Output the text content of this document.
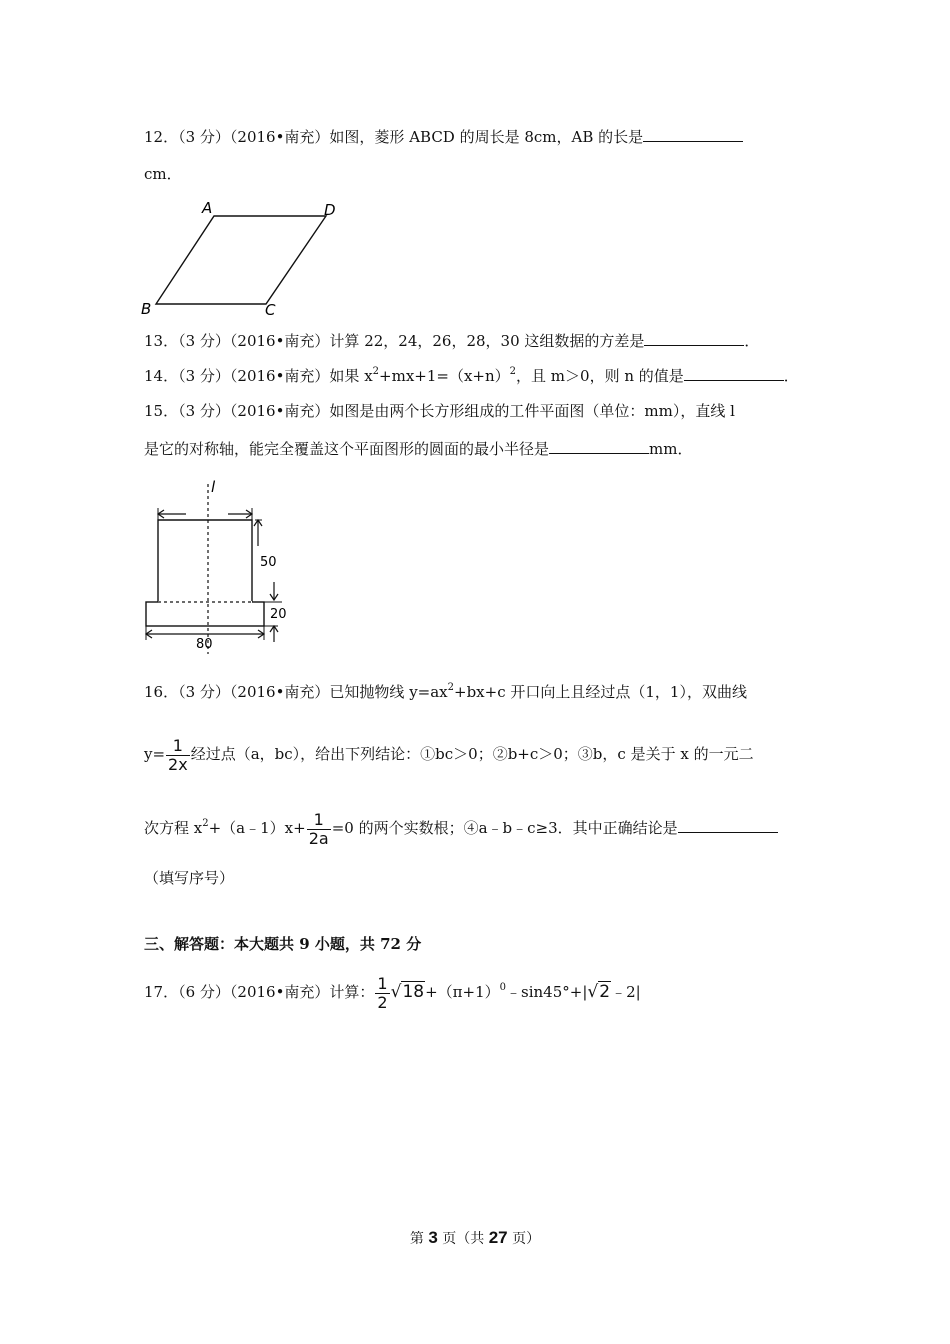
12．（3 分）（2016•南充）如图，菱形 ABCD 的周长是 8cm，AB 的长是
cm．
A	D
B	C
13．（3 分）（2016•南充）计算 22，24，26，28，30 这组数据的方差是	．
14．（3 分）（2016•南充）如果 $x^2+mx+1=(x+n)^2$，且 m＞0，则 n 的值是	．
15．（3 分）（2016•南充）如图是由两个长方形组成的工件平面图（单位：mm），直线 l
是它的对称轴，能完全覆盖这个平面图形的圆面的最小半径是	mm．
l
50
20
80
16．（3 分）（2016•南充）已知抛物线 $y=ax^2+bx+c$ 开口向上且经过点（1，1），双曲线
$y= \frac{1}{2x}$ 经过点（a，bc），给出下列结论：①bc＞0；②b+c＞0；③b，c 是关于 x 的一元二
次方程 $x^2+(a﹣1)x+ \frac{1}{2a} =0$ 的两个实数根；④a﹣b﹣c≥3．其中正确结论是
（填写序号）
三、解答题：本大题共 9 小题，共 72 分
17．（6 分）（2016•南充）计算： $\frac{1}{2}$ $√18+(\pi+1)^0﹣\sin 45^\circ+|√2﹣2|$
第 3 页（共 27 页）
